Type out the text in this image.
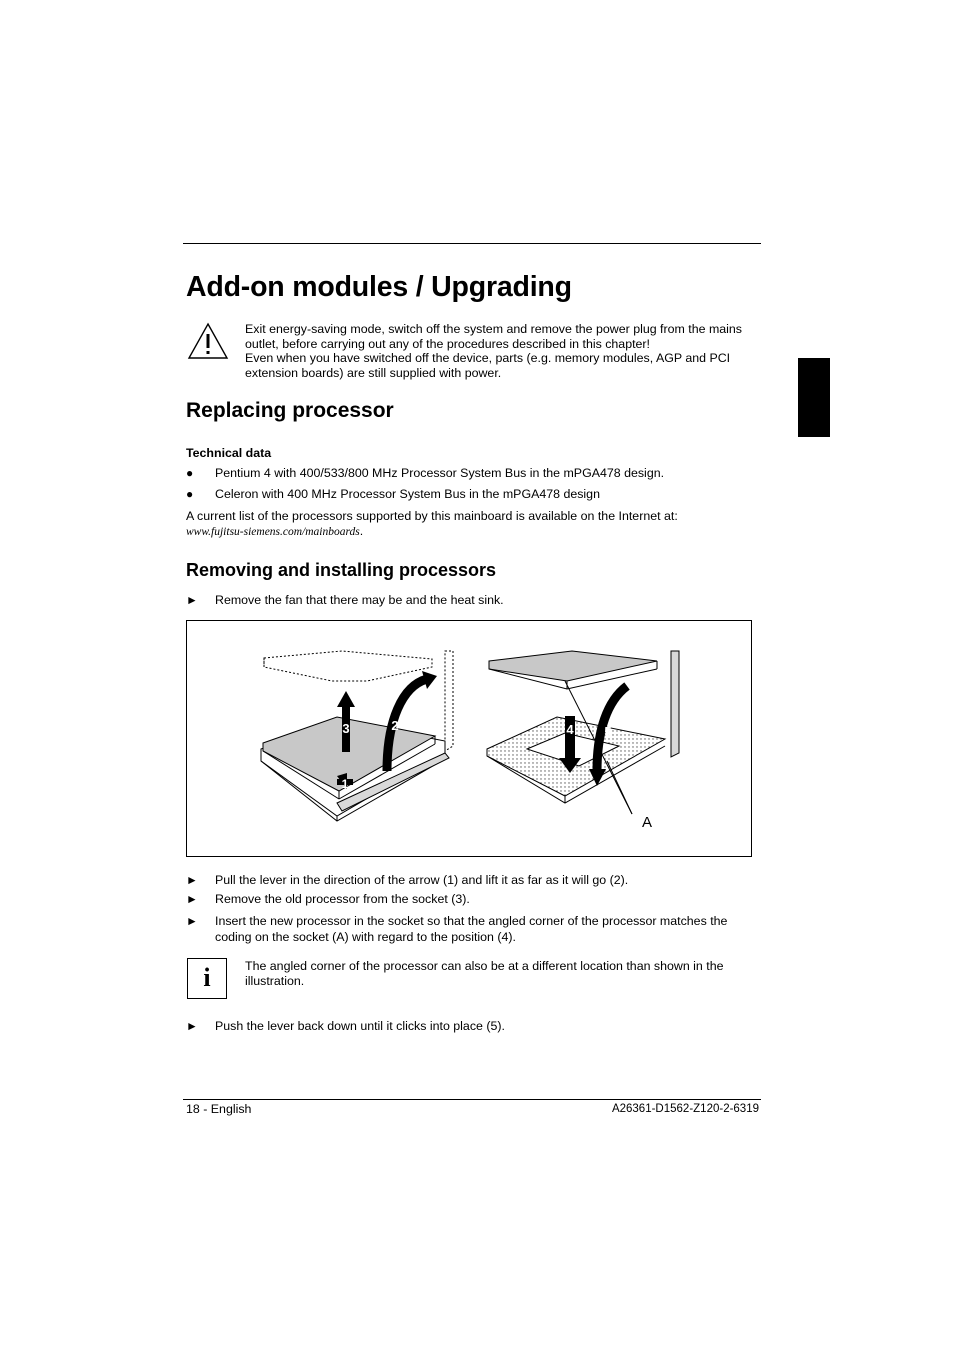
Add-on modules / Upgrading
Exit energy-saving mode, switch off the system and remove the power plug from the mains outlet, before carrying out any of the procedures described in this chapter!
Even when you have switched off the device, parts (e.g. memory modules, AGP and PCI extension boards) are still supplied with power.
Replacing processor
Technical data
● Pentium 4 with 400/533/800 MHz Processor System Bus in the mPGA478 design.
● Celeron with 400 MHz Processor System Bus in the mPGA478 design
A current list of the processors supported by this mainboard is available on the Internet at:
www.fujitsu-siemens.com/mainboards.
Removing and installing processors
► Remove the fan that there may be and the heat sink.
3	2
1
4 5
A
► Pull the lever in the direction of the arrow (1) and lift it as far as it will go (2).
► Remove the old processor from the socket (3).
► Insert the new processor in the socket so that the angled corner of the processor matches the coding on the socket (A) with regard to the position (4).
i	The angled corner of the processor can also be at a different location than shown in the illustration.
► Push the lever back down until it clicks into place (5).
18 - English	A26361-D1562-Z120-2-6319
